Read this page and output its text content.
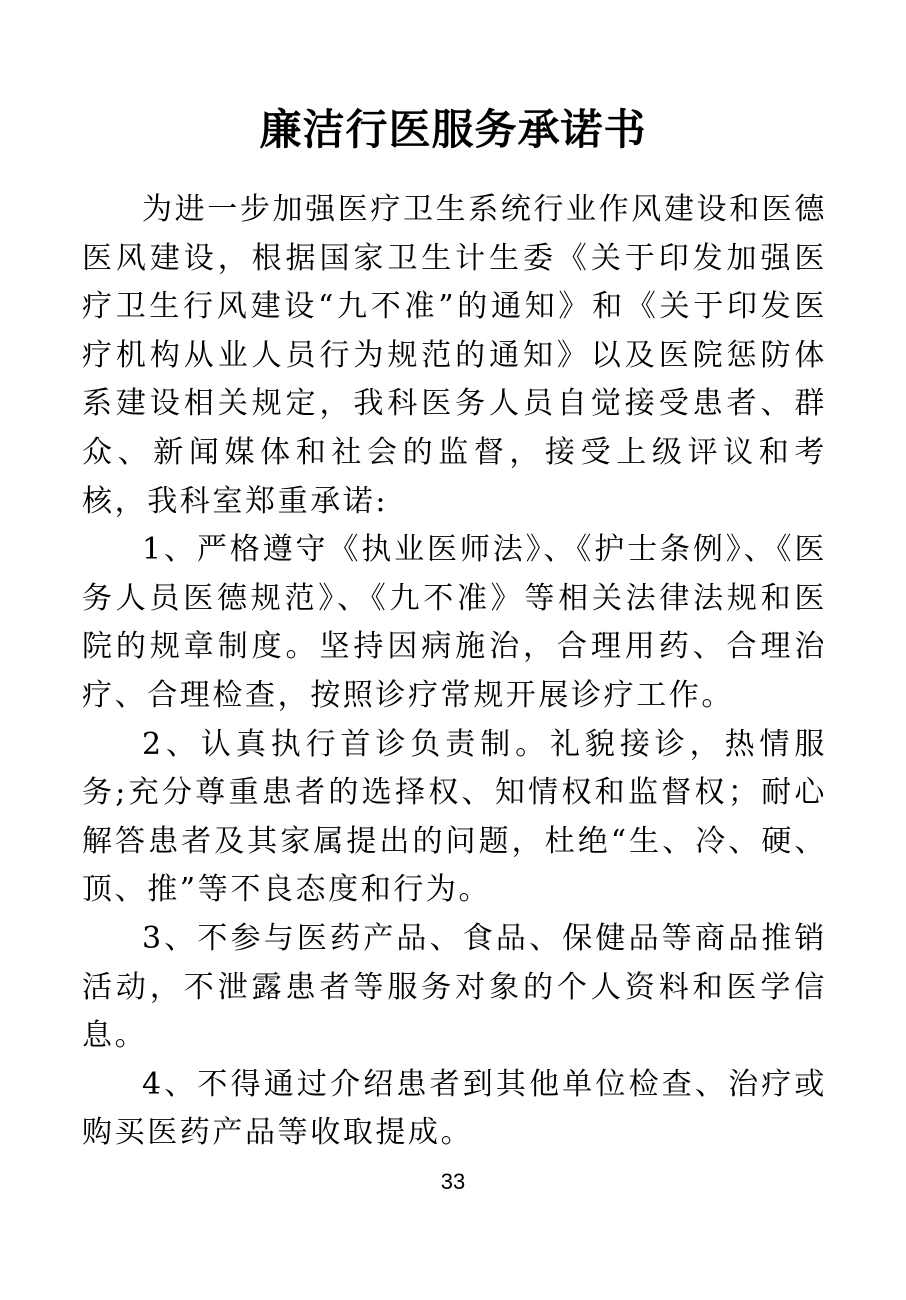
廉洁行医服务承诺书

为进一步加强医疗卫生系统行业作风建设和医德医风建设，根据国家卫生计生委《关于印发加强医疗卫生行风建设“九不准”的通知》和《关于印发医疗机构从业人员行为规范的通知》以及医院惩防体系建设相关规定，我科医务人员自觉接受患者、群众、新闻媒体和社会的监督，接受上级评议和考核，我科室郑重承诺:

1、严格遵守《执业医师法》、《护士条例》、《医务人员医德规范》、《九不准》等相关法律法规和医院的规章制度。坚持因病施治，合理用药、合理治疗、合理检查，按照诊疗常规开展诊疗工作。

2、认真执行首诊负责制。礼貌接诊，热情服务;充分尊重患者的选择权、知情权和监督权；耐心解答患者及其家属提出的问题，杜绝“生、冷、硬、顶、推”等不良态度和行为。

3、不参与医药产品、食品、保健品等商品推销活动，不泄露患者等服务对象的个人资料和医学信息。

4、不得通过介绍患者到其他单位检查、治疗或购买医药产品等收取提成。

33
